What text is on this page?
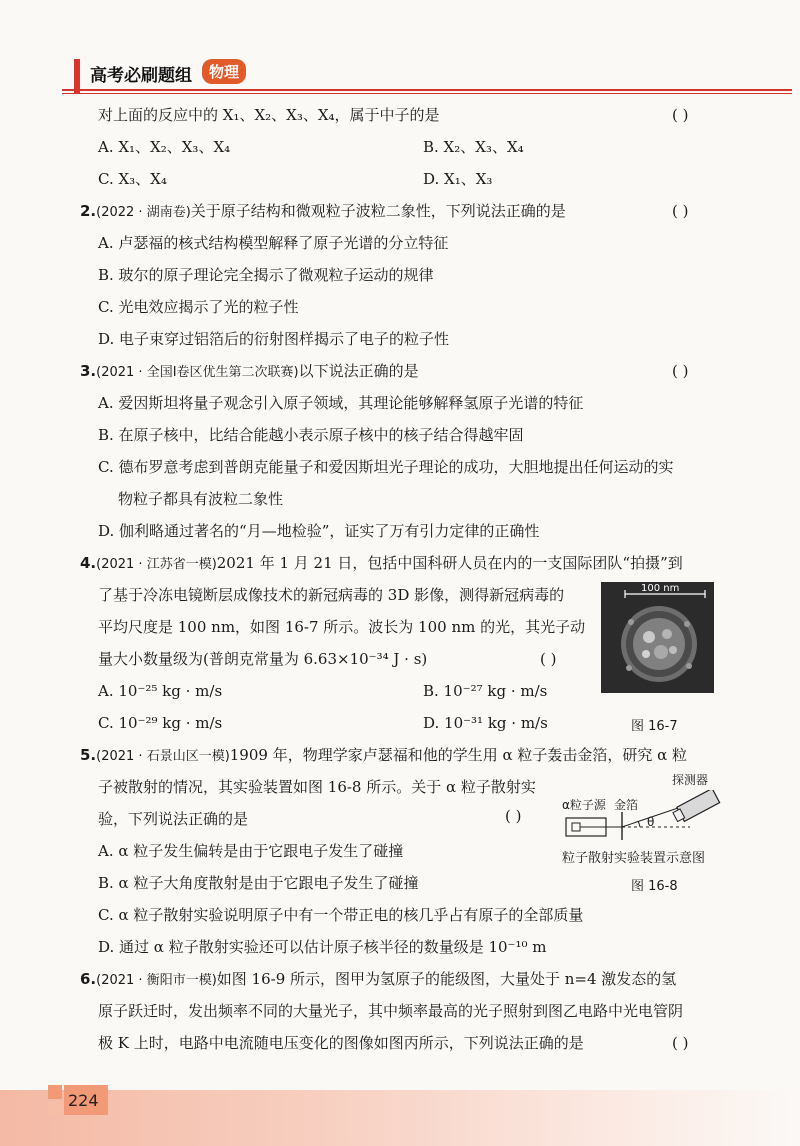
高考必刷题组	物理
对上面的反应中的 X₁、X₂、X₃、X₄，属于中子的是	( )
A. X₁、X₂、X₃、X₄	B. X₂、X₃、X₄
C. X₃、X₄	D. X₁、X₃
2.(2022 · 湖南卷)关于原子结构和微观粒子波粒二象性，下列说法正确的是	( )
A. 卢瑟福的核式结构模型解释了原子光谱的分立特征
B. 玻尔的原子理论完全揭示了微观粒子运动的规律
C. 光电效应揭示了光的粒子性
D. 电子束穿过铝箔后的衍射图样揭示了电子的粒子性
3.(2021 · 全国Ⅰ卷区优生第二次联赛)以下说法正确的是	( )
A. 爱因斯坦将量子观念引入原子领域，其理论能够解释氢原子光谱的特征
B. 在原子核中，比结合能越小表示原子核中的核子结合得越牢固
C. 德布罗意考虑到普朗克能量子和爱因斯坦光子理论的成功，大胆地提出任何运动的实
物粒子都具有波粒二象性
D. 伽利略通过著名的“月—地检验”，证实了万有引力定律的正确性
4.(2021 · 江苏省一模)2021 年 1 月 21 日，包括中国科研人员在内的一支国际团队“拍摄”到
了基于冷冻电镜断层成像技术的新冠病毒的 3D 影像，测得新冠病毒的
平均尺度是 100 nm，如图 16-7 所示。波长为 100 nm 的光，其光子动
量大小数量级为(普朗克常量为 6.63×10⁻³⁴ J · s)	( )
A. 10⁻²⁵ kg · m/s	B. 10⁻²⁷ kg · m/s
C. 10⁻²⁹ kg · m/s	D. 10⁻³¹ kg · m/s
100 nm
图 16-7
5.(2021 · 石景山区一模)1909 年，物理学家卢瑟福和他的学生用 α 粒子轰击金箔，研究 α 粒
子被散射的情况，其实验装置如图 16-8 所示。关于 α 粒子散射实
验，下列说法正确的是	( )
A. α 粒子发生偏转是由于它跟电子发生了碰撞
B. α 粒子大角度散射是由于它跟电子发生了碰撞
C. α 粒子散射实验说明原子中有一个带正电的核几乎占有原子的全部质量
D. 通过 α 粒子散射实验还可以估计原子核半径的数量级是 10⁻¹⁰ m
探测器
α粒子源 金箔
θ
粒子散射实验装置示意图
图 16-8
6.(2021 · 衡阳市一模)如图 16-9 所示，图甲为氢原子的能级图，大量处于 n=4 激发态的氢
原子跃迁时，发出频率不同的大量光子，其中频率最高的光子照射到图乙电路中光电管阴
极 K 上时，电路中电流随电压变化的图像如图丙所示，下列说法正确的是	( )
224
